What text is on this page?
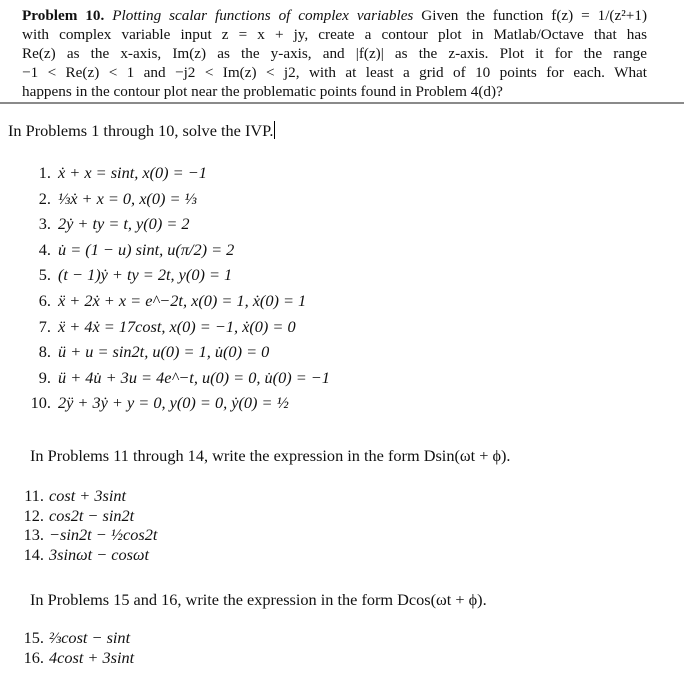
Problem 10. Plotting scalar functions of complex variables Given the function f(z) = 1/(z²+1)
with complex variable input z = x + jy, create a contour plot in Matlab/Octave that has
Re(z) as the x-axis, Im(z) as the y-axis, and |f(z)| as the z-axis. Plot it for the range
−1 < Re(z) < 1 and −j2 < Im(z) < j2, with at least a grid of 10 points for each. What
happens in the contour plot near the problematic points found in Problem 4(d)?
In Problems 1 through 10, solve the IVP.
1. ẋ + x = sint, x(0) = −1
2. ⅓ẋ + x = 0, x(0) = ⅓
3. 2ẏ + ty = t, y(0) = 2
4. u̇ = (1 − u) sint, u(π/2) = 2
5. (t − 1)ẏ + ty = 2t, y(0) = 1
6. ẍ + 2ẋ + x = e^−2t, x(0) = 1, ẋ(0) = 1
7. ẍ + 4ẋ = 17cost, x(0) = −1, ẋ(0) = 0
8. ü + u = sin2t, u(0) = 1, u̇(0) = 0
9. ü + 4u̇ + 3u = 4e^−t, u(0) = 0, u̇(0) = −1
10. 2ÿ + 3ẏ + y = 0, y(0) = 0, ẏ(0) = ½
In Problems 11 through 14, write the expression in the form Dsin(ωt + ϕ).
11. cost + 3sint
12. cos2t − sin2t
13. −sin2t − ½cos2t
14. 3sinωt − cosωt
In Problems 15 and 16, write the expression in the form Dcos(ωt + ϕ).
15. ⅔cost − sint
16. 4cost + 3sint
